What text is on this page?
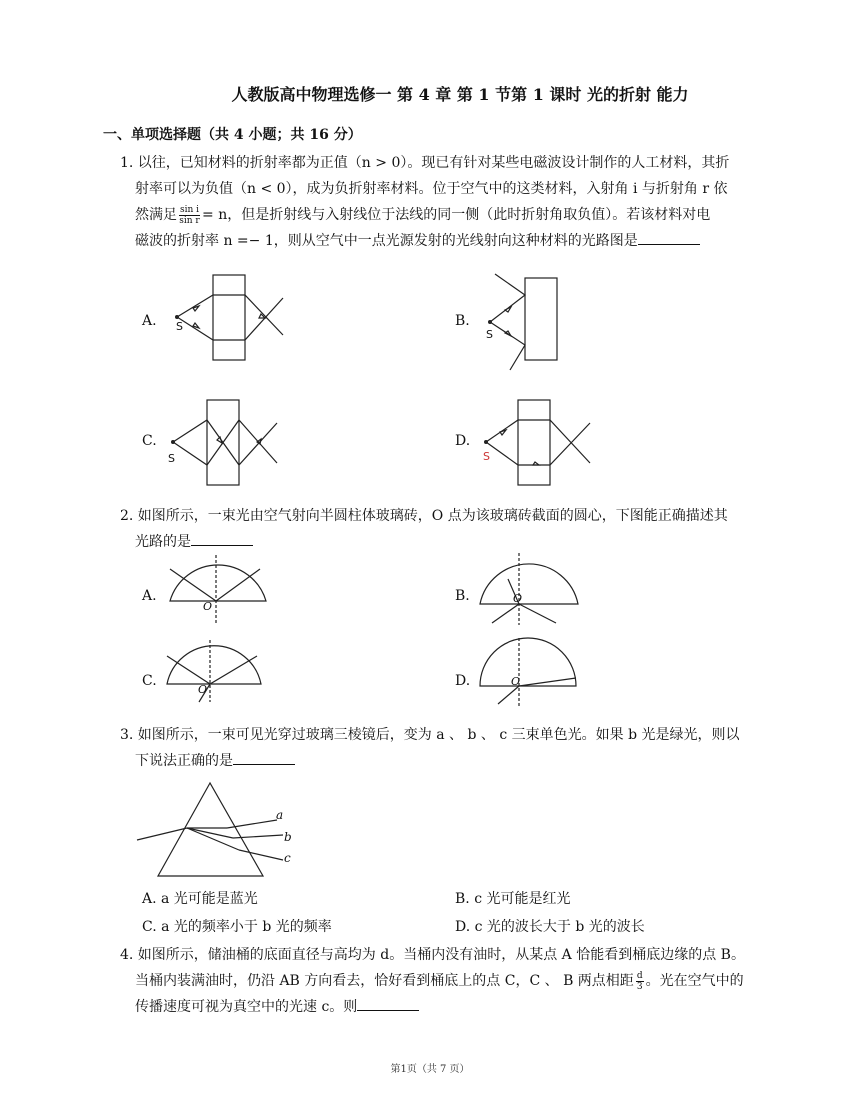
人教版高中物理选修一 第 4 章 第 1 节第 1 课时 光的折射 能力
一、单项选择题（共 4 小题；共 16 分）
1. 以往，已知材料的折射率都为正值（n > 0）。现已有针对某些电磁波设计制作的人工材料，其折
射率可以为负值（n < 0），成为负折射率材料。位于空气中的这类材料，入射角 i 与折射角 r 依
然满足 $\frac{\text{sin i}}{\text{sin r}} = n$，但是折射线与入射线位于法线的同一侧（此时折射角取负值）。若该材料对电
磁波的折射率 n =− 1，则从空气中一点光源发射的光线射向这种材料的光路图是
A.	B.
C.	D.
S
S
S	S
2. 如图所示，一束光由空气射向半圆柱体玻璃砖，O 点为该玻璃砖截面的圆心，下图能正确描述其
光路的是
A.	B.
C.	D.
O
O
O
O
3. 如图所示，一束可见光穿过玻璃三棱镜后，变为 a 、 b 、 c 三束单色光。如果 b 光是绿光，则以
下说法正确的是
a
b
c
A. a 光可能是蓝光	B. c 光可能是红光
C. a 光的频率小于 b 光的频率	D. c 光的波长大于 b 光的波长
4. 如图所示，储油桶的底面直径与高均为 d。当桶内没有油时，从某点 A 恰能看到桶底边缘的点 B。
当桶内装满油时，仍沿 AB 方向看去，恰好看到桶底上的点 C，C 、 B 两点相距 $\frac{d}{3}$ 。光在空气中的
传播速度可视为真空中的光速 c。则
第1页（共 7 页）
